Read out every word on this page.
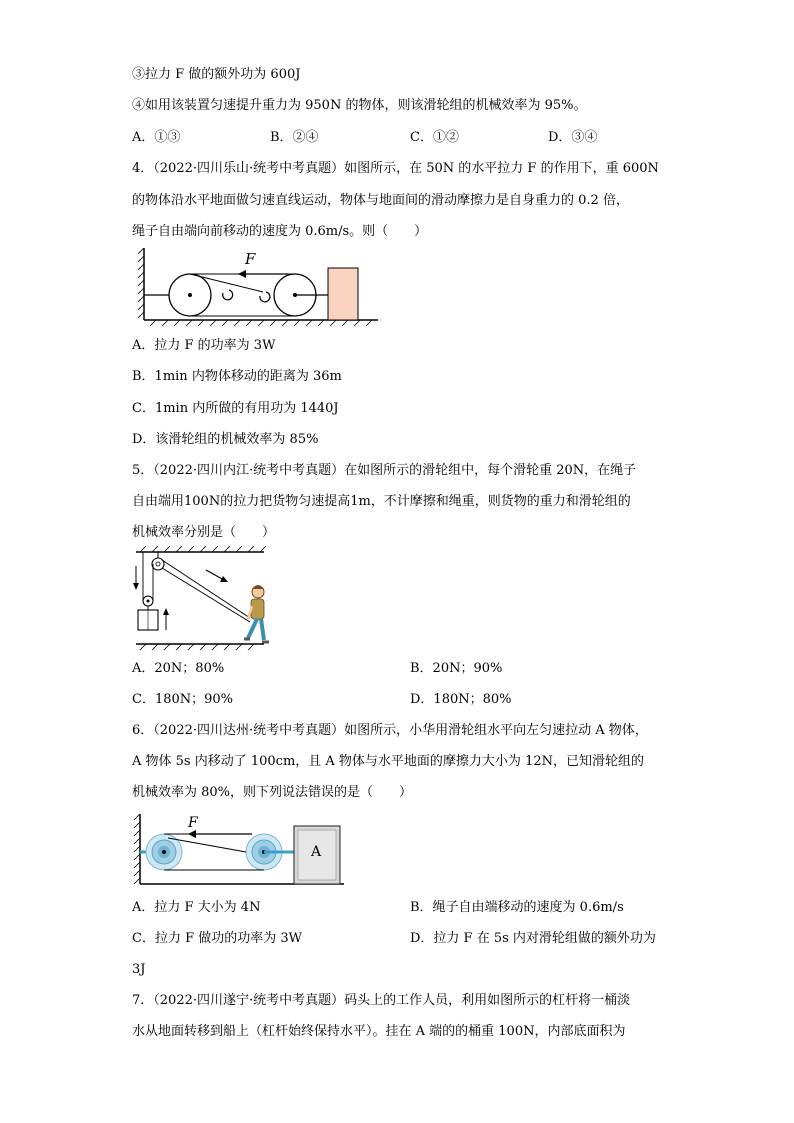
③拉力 F 做的额外功为 600J
④如用该装置匀速提升重力为 950N 的物体，则该滑轮组的机械效率为 95%。
A．①③	B．②④	C．①②	D．③④
4．（2022·四川乐山·统考中考真题）如图所示，在 50N 的水平拉力 F 的作用下，重 600N
的物体沿水平地面做匀速直线运动，物体与地面间的滑动摩擦力是自身重力的 0.2 倍，
绳子自由端向前移动的速度为 0.6m/s。则（　　）
F
A．拉力 F 的功率为 3W
B．1min 内物体移动的距离为 36m
C．1min 内所做的有用功为 1440J
D．该滑轮组的机械效率为 85%
5．（2022·四川内江·统考中考真题）在如图所示的滑轮组中，每个滑轮重 20N，在绳子
自由端用100N的拉力把货物匀速提高1m，不计摩擦和绳重，则货物的重力和滑轮组的
机械效率分别是（　　）
A．20N；80%	B．20N；90%
C．180N；90%	D．180N；80%
6．（2022·四川达州·统考中考真题）如图所示，小华用滑轮组水平向左匀速拉动 A 物体，
A 物体 5s 内移动了 100cm，且 A 物体与水平地面的摩擦力大小为 12N，已知滑轮组的
机械效率为 80%，则下列说法错误的是（　　）
F
A
A．拉力 F 大小为 4N	B．绳子自由端移动的速度为 0.6m/s
C．拉力 F 做功的功率为 3W	D．拉力 F 在 5s 内对滑轮组做的额外功为
3J
7．（2022·四川遂宁·统考中考真题）码头上的工作人员，利用如图所示的杠杆将一桶淡
水从地面转移到船上（杠杆始终保持水平）。挂在 A 端的的桶重 100N，内部底面积为
